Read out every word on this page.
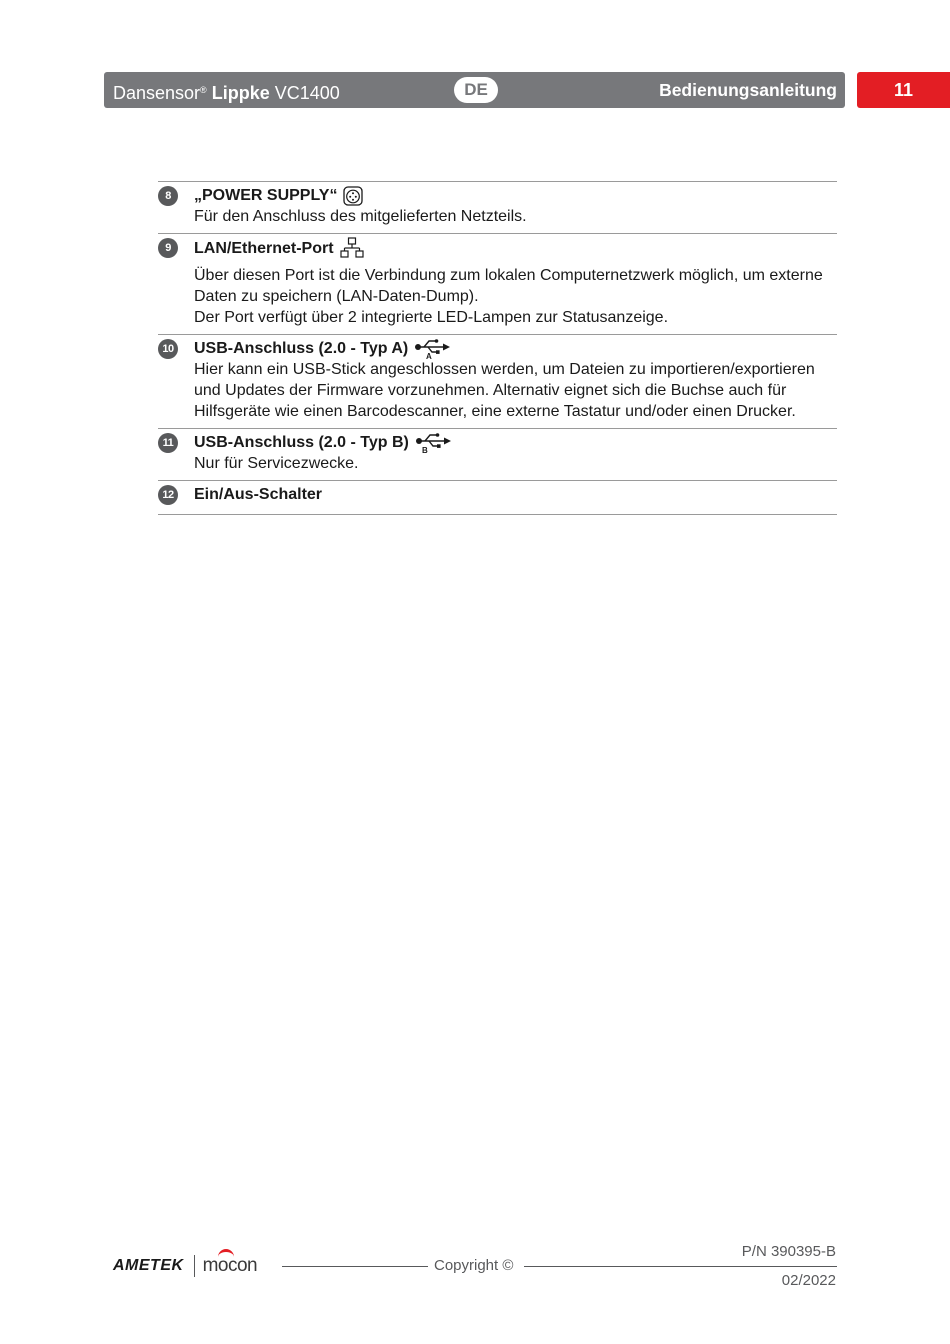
Dansensor® Lippke VC1400	DE	Bedienungsanleitung	11
8	„POWER SUPPLY“

Für den Anschluss des mitgelieferten Netzteils.

9	LAN/Ethernet-Port

Über diesen Port ist die Verbindung zum lokalen Computernetzwerk möglich, um externe Daten zu speichern (LAN-Daten-Dump).

Der Port verfügt über 2 integrierte LED-Lampen zur Statusanzeige.

10 USB-Anschluss (2.0 - Typ A) A

Hier kann ein USB-Stick angeschlossen werden, um Dateien zu importieren/exportieren und Updates der Firmware vorzunehmen. Alternativ eignet sich die Buchse auch für Hilfsgeräte wie einen Barcodescanner, eine externe Tastatur und/oder einen Drucker.

11 USB-Anschluss (2.0 - Typ B) B

Nur für Servicezwecke.

12 Ein/Aus-Schalter
AMETEK mocon	Copyright ©
P/N 390395-B
02/2022
